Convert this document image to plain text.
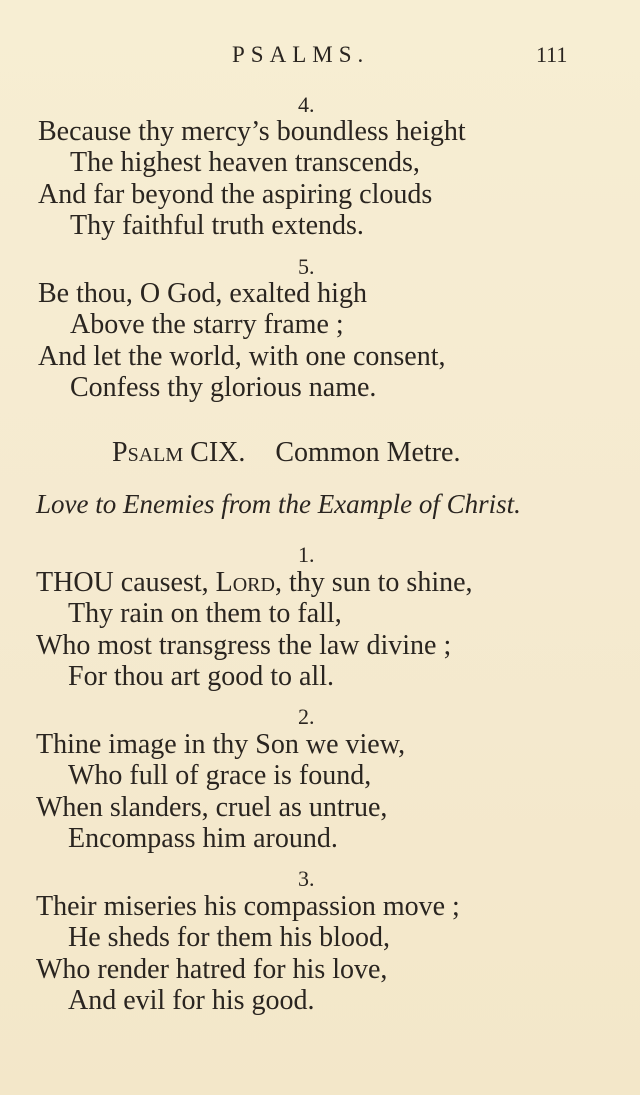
PSALMS.	111
4.
Because thy mercy’s boundless height
The highest heaven transcends,
And far beyond the aspiring clouds
Thy faithful truth extends.
5.
Be thou, O God, exalted high
Above the starry frame ;
And let the world, with one consent,
Confess thy glorious name.
Psalm CIX. Common Metre.
Love to Enemies from the Example of Christ.
1.
THOU causest, Lord, thy sun to shine,
Thy rain on them to fall,
Who most transgress the law divine ;
For thou art good to all.
2.
Thine image in thy Son we view,
Who full of grace is found,
When slanders, cruel as untrue,
Encompass him around.
3.
Their miseries his compassion move ;
He sheds for them his blood,
Who render hatred for his love,
And evil for his good.
